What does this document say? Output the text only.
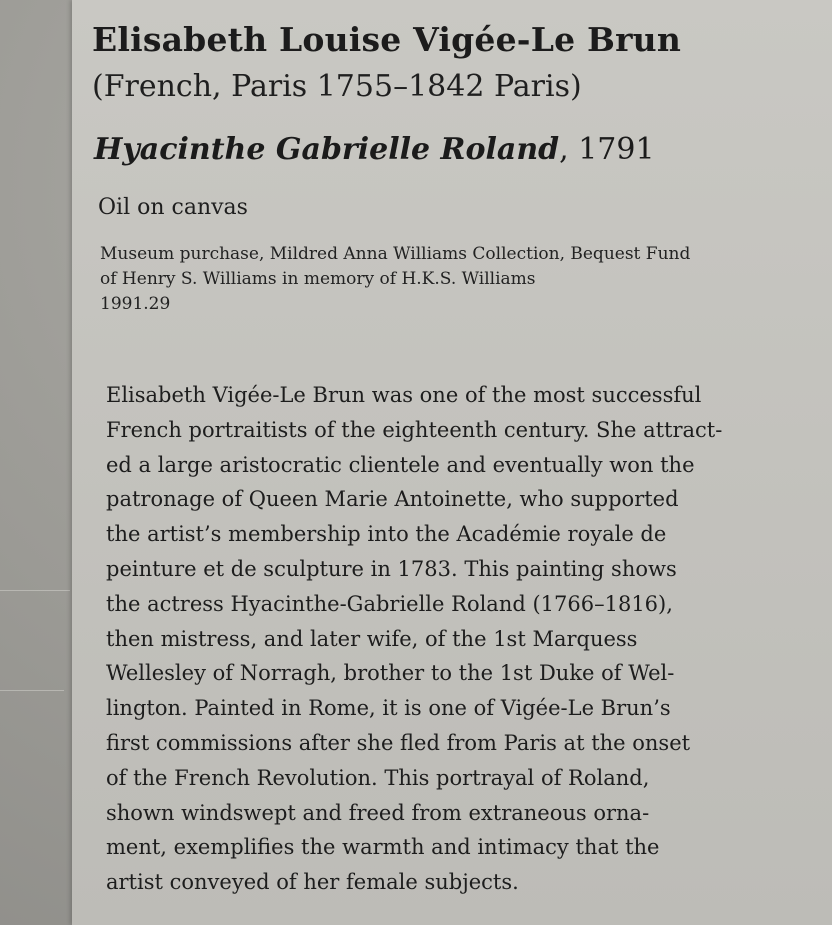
Elisabeth Louise Vigée-Le Brun

(French, Paris 1755–1842 Paris)

Hyacinthe Gabrielle Roland, 1791

Oil on canvas

Museum purchase, Mildred Anna Williams Collection, Bequest Fund
of Henry S. Williams in memory of H.K.S. Williams
1991.29

Elisabeth Vigée-Le Brun was one of the most successful
French portraitists of the eighteenth century. She attract-
ed a large aristocratic clientele and eventually won the
patronage of Queen Marie Antoinette, who supported
the artist’s membership into the Académie royale de
peinture et de sculpture in 1783. This painting shows
the actress Hyacinthe-Gabrielle Roland (1766–1816),
then mistress, and later wife, of the 1st Marquess
Wellesley of Norragh, brother to the 1st Duke of Wel-
lington. Painted in Rome, it is one of Vigée-Le Brun’s
first commissions after she fled from Paris at the onset
of the French Revolution. This portrayal of Roland,
shown windswept and freed from extraneous orna-
ment, exemplifies the warmth and intimacy that the
artist conveyed of her female subjects.
